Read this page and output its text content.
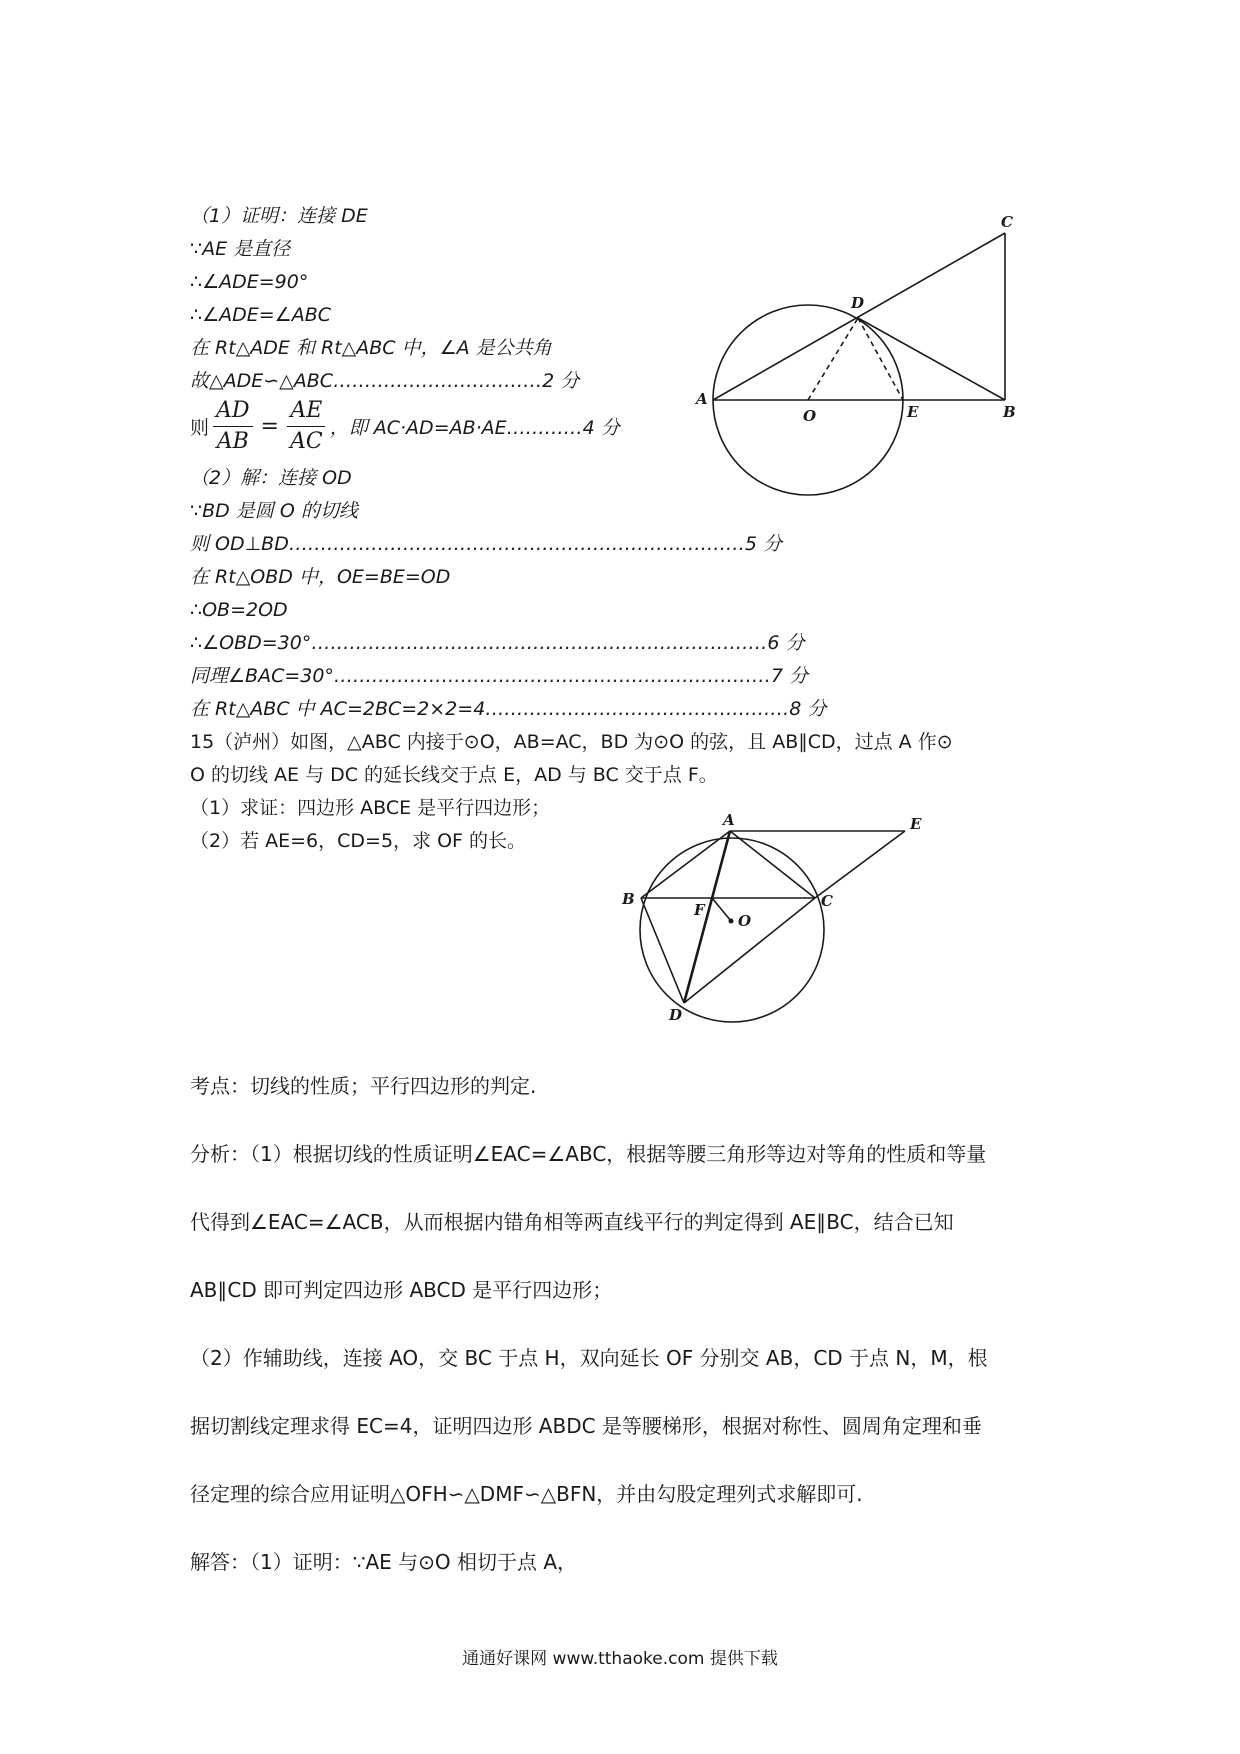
（1）证明：连接 DE
∵AE 是直径
∴∠ADE=90°
∴∠ADE=∠ABC
在 Rt△ADE 和 Rt△ABC 中，∠A 是公共角
故△ADE∽△ABC……………………………2 分
则 $\frac{AD}{AB} = \frac{AE}{AC}$ ，即 AC·AD=AB·AE…………4 分
（2）解：连接 OD
∵BD 是圆 O 的切线
则 OD⊥BD………………………………………………………………5 分
在 Rt△OBD 中，OE=BE=OD
∴OB=2OD
∴∠OBD=30°………………………………………………………………6 分
同理∠BAC=30°……………………………………………………………7 分
在 Rt△ABC 中 AC=2BC=2×2=4…………………………………………8 分
15（泸州）如图，△ABC 内接于⊙O，AB=AC，BD 为⊙O 的弦，且 AB∥CD，过点 A 作⊙
O 的切线 AE 与 DC 的延长线交于点 E，AD 与 BC 交于点 F。
（1）求证：四边形 ABCE 是平行四边形；
（2）若 AE=6，CD=5，求 OF 的长。
A
O	E	B
C
D
A	E
B	C
F
O
D
考点：切线的性质；平行四边形的判定.
分析：（1）根据切线的性质证明∠EAC=∠ABC，根据等腰三角形等边对等角的性质和等量
代得到∠EAC=∠ACB，从而根据内错角相等两直线平行的判定得到 AE∥BC，结合已知
AB∥CD 即可判定四边形 ABCD 是平行四边形；
（2）作辅助线，连接 AO，交 BC 于点 H，双向延长 OF 分别交 AB，CD 于点 N，M，根
据切割线定理求得 EC=4，证明四边形 ABDC 是等腰梯形，根据对称性、圆周角定理和垂
径定理的综合应用证明△OFH∽△DMF∽△BFN，并由勾股定理列式求解即可.
解答：（1）证明：∵AE 与⊙O 相切于点 A，
通通好课网 www.tthaoke.com 提供下载
